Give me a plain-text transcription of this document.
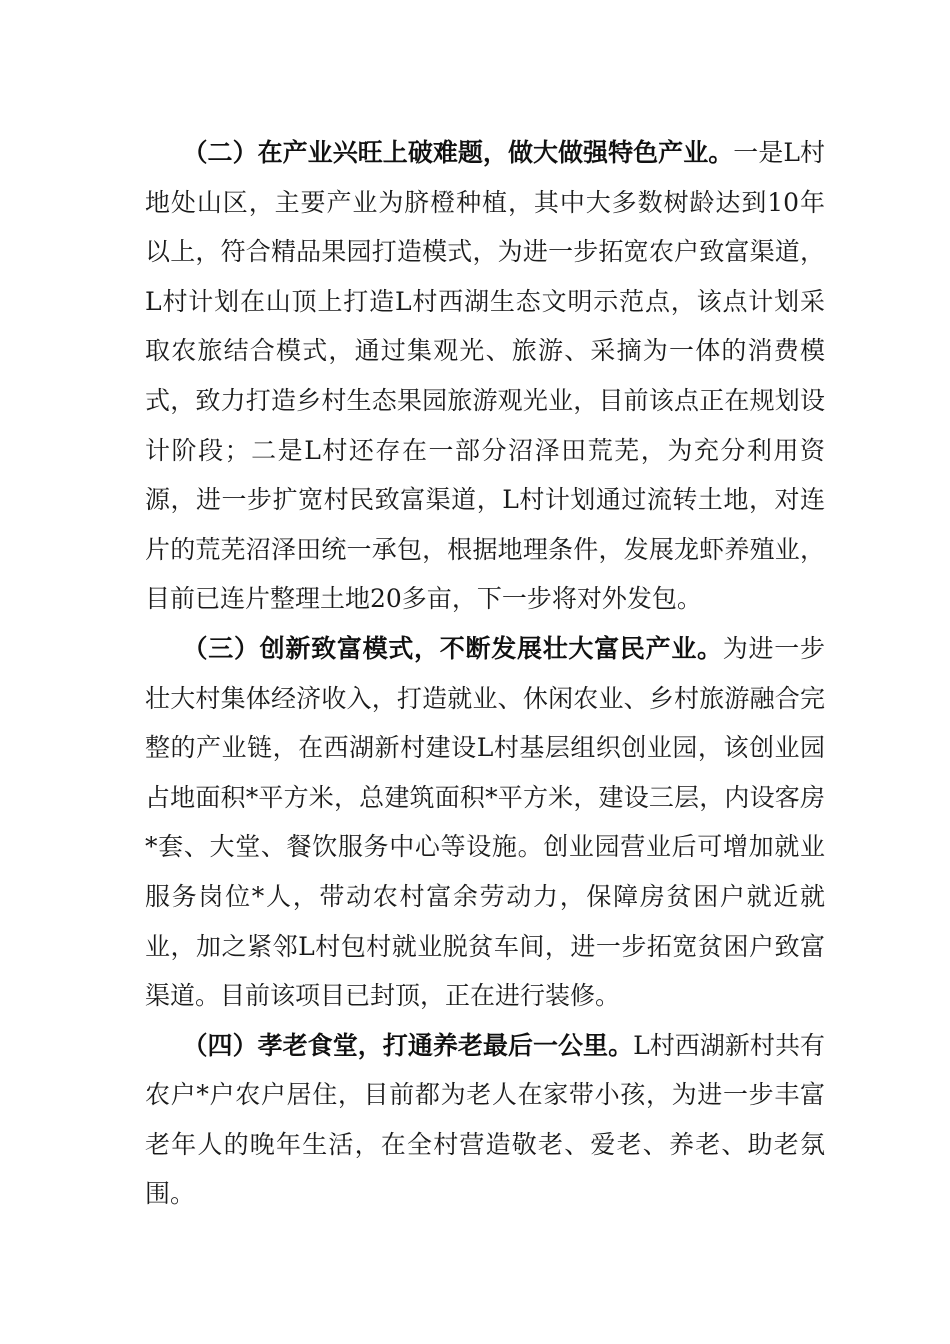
（二）在产业兴旺上破难题，做大做强特色产业。一是L村地处山区，主要产业为脐橙种植，其中大多数树龄达到10年以上，符合精品果园打造模式，为进一步拓宽农户致富渠道，L村计划在山顶上打造L村西湖生态文明示范点，该点计划采取农旅结合模式，通过集观光、旅游、采摘为一体的消费模式，致力打造乡村生态果园旅游观光业，目前该点正在规划设计阶段；二是L村还存在一部分沼泽田荒芜，为充分利用资源，进一步扩宽村民致富渠道，L村计划通过流转土地，对连片的荒芜沼泽田统一承包，根据地理条件，发展龙虾养殖业，目前已连片整理土地20多亩，下一步将对外发包。

（三）创新致富模式，不断发展壮大富民产业。为进一步壮大村集体经济收入，打造就业、休闲农业、乡村旅游融合完整的产业链，在西湖新村建设L村基层组织创业园，该创业园占地面积*平方米，总建筑面积*平方米，建设三层，内设客房*套、大堂、餐饮服务中心等设施。创业园营业后可增加就业服务岗位*人，带动农村富余劳动力，保障房贫困户就近就业，加之紧邻L村包村就业脱贫车间，进一步拓宽贫困户致富渠道。目前该项目已封顶，正在进行装修。

（四）孝老食堂，打通养老最后一公里。L村西湖新村共有农户*户农户居住，目前都为老人在家带小孩，为进一步丰富老年人的晚年生活，在全村营造敬老、爱老、养老、助老氛围。
